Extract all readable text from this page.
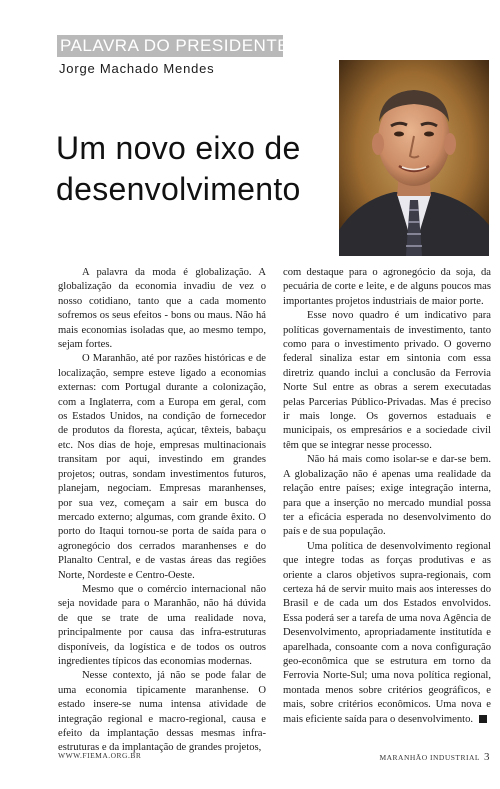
PALAVRA DO PRESIDENTE
Jorge Machado Mendes
Um novo eixo de desenvolvimento

A palavra da moda é globalização. A globalização da economia invadiu de vez o nosso cotidiano, tanto que a cada momento sofremos os seus efeitos - bons ou maus. Não há mais economias isoladas que, ao mesmo tempo, sejam fortes.

O Maranhão, até por razões históricas e de localização, sempre esteve ligado a economias externas: com Portugal durante a colonização, com a Inglaterra, com a Europa em geral, com os Estados Unidos, na condição de fornecedor de produtos da floresta, açúcar, têxteis, babaçu etc. Nos dias de hoje, empresas multinacionais transitam por aqui, investindo em grandes projetos; outras, sondam investimentos futuros, planejam, negociam. Empresas maranhenses, por sua vez, começam a sair em busca do mercado externo; algumas, com grande êxito. O porto do Itaqui tornou-se porta de saída para o agronegócio dos cerrados maranhenses e do Planalto Central, e de vastas áreas das regiões Norte, Nordeste e Centro-Oeste.

Mesmo que o comércio internacional não seja novidade para o Maranhão, não há dúvida de que se trate de uma realidade nova, principalmente por causa das infra-estruturas disponíveis, da logística e de todos os outros ingredientes típicos das economias modernas.

Nesse contexto, já não se pode falar de uma economia tipicamente maranhense. O estado insere-se numa intensa atividade de integração regional e macro-regional, causa e efeito da implantação dessas mesmas infra-estruturas e da implantação de grandes projetos,

com destaque para o agronegócio da soja, da pecuária de corte e leite, e de alguns poucos mas importantes projetos industriais de maior porte.

Esse novo quadro é um indicativo para políticas governamentais de investimento, tanto como para o investimento privado. O governo federal sinaliza estar em sintonia com essa diretriz quando inclui a conclusão da Ferrovia Norte Sul entre as obras a serem executadas pelas Parcerias Público-Privadas. Mas é preciso ir mais longe. Os governos estaduais e municipais, os empresários e a sociedade civil têm que se integrar nesse processo.

Não há mais como isolar-se e dar-se bem. A globalização não é apenas uma realidade da relação entre países; exige integração interna, para que a inserção no mercado mundial possa ter a eficácia esperada no desenvolvimento do país e de sua população.

Uma política de desenvolvimento regional que integre todas as forças produtivas e as oriente a claros objetivos supra-regionais, com certeza há de servir muito mais aos interesses do Brasil e de cada um dos Estados envolvidos. Essa poderá ser a tarefa de uma nova Agência de Desenvolvimento, apropriadamente institutída e aparelhada, consoante com a nova configuração geo-econômica que se estrutura em torno da Ferrovia Norte-Sul; uma nova política regional, montada menos sobre critérios geográficos, e mais, sobre critérios econômicos. Uma nova e mais eficiente saída para o desenvolvimento.

WWW.FIEMA.ORG.BR	MARANHÃO INDUSTRIAL 3
